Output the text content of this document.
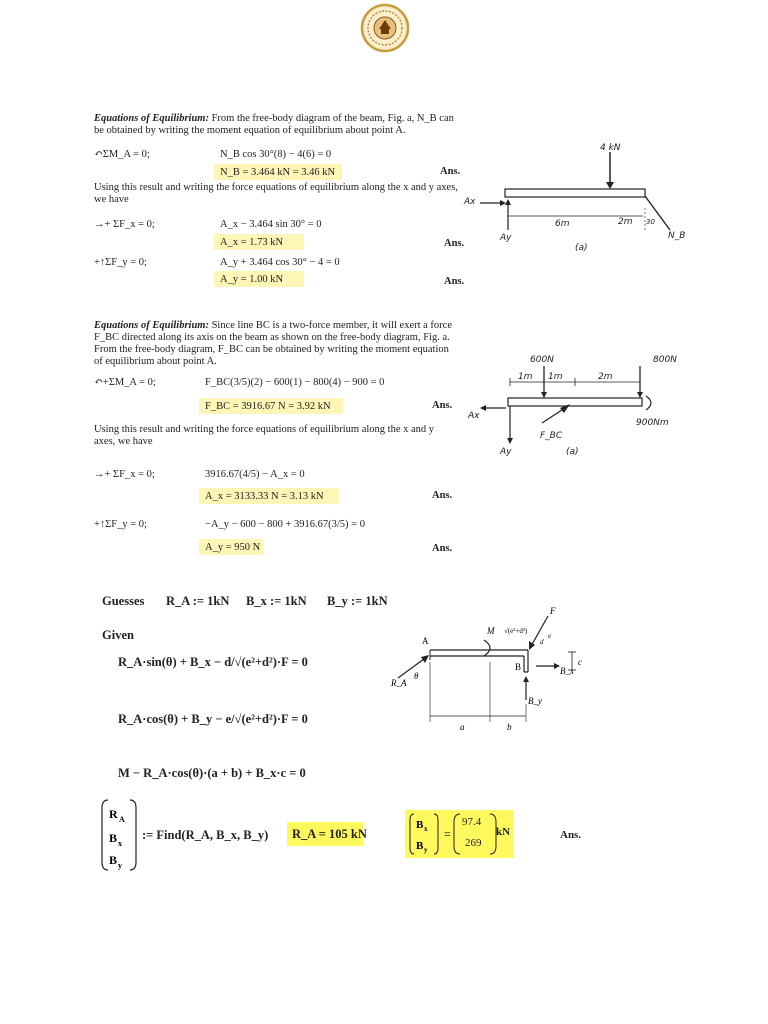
Equations of Equilibrium: From the free-body diagram of the beam, Fig. a, N_B can be obtained by writing the moment equation of equilibrium about point A.
↶ΣM_A = 0;	N_B cos 30°(8) − 4(6) = 0
N_B = 3.464 kN = 3.46 kN	Ans.
Using this result and writing the force equations of equilibrium along the x and y axes, we have
→+ ΣF_x = 0;	A_x − 3.464 sin 30° = 0
A_x = 1.73 kN	Ans.
+↑ΣF_y = 0;	A_y + 3.464 cos 30° − 4 = 0
A_y = 1.00 kN	Ans.
4 kN
Ax
Ay
6m	2m 30
N_B
(a)
Equations of Equilibrium: Since line BC is a two-force member, it will exert a force F_BC directed along its axis on the beam as shown on the free-body diagram, Fig. a. From the free-body diagram, F_BC can be obtained by writing the moment equation of equilibrium about point A.
↶+ΣM_A = 0;	F_BC(3/5)(2) − 600(1) − 800(4) − 900 = 0
F_BC = 3916.67 N = 3.92 kN	Ans.
Using this result and writing the force equations of equilibrium along the x and y axes, we have
→+ ΣF_x = 0;	3916.67(4/5) − A_x = 0
A_x = 3133.33 N = 3.13 kN	Ans.
+↑ΣF_y = 0;	−A_y − 600 − 800 + 3916.67(3/5) = 0
A_y = 950 N	Ans.
600N	800N
1m 1m	2m
Ax
Ay
F_BC
900Nm
(a)
Guesses R_A := 1kN B_x := 1kN B_y := 1kN
Given
R_A·sin(θ) + B_x − d/√(e²+d²)·F = 0
R_A·cos(θ) + B_y − e/√(e²+d²)·F = 0
M − R_A·cos(θ)·(a + b) + B_x·c = 0
A
B
R_A
θ
M √(e²+d²)
F
e
d
B_x
B_y
c
a	b
R A
B x
B y
:= Find(R_A, B_x, B_y) R_A = 105 kN
B x
B y
=
97.4
269
kN	Ans.
